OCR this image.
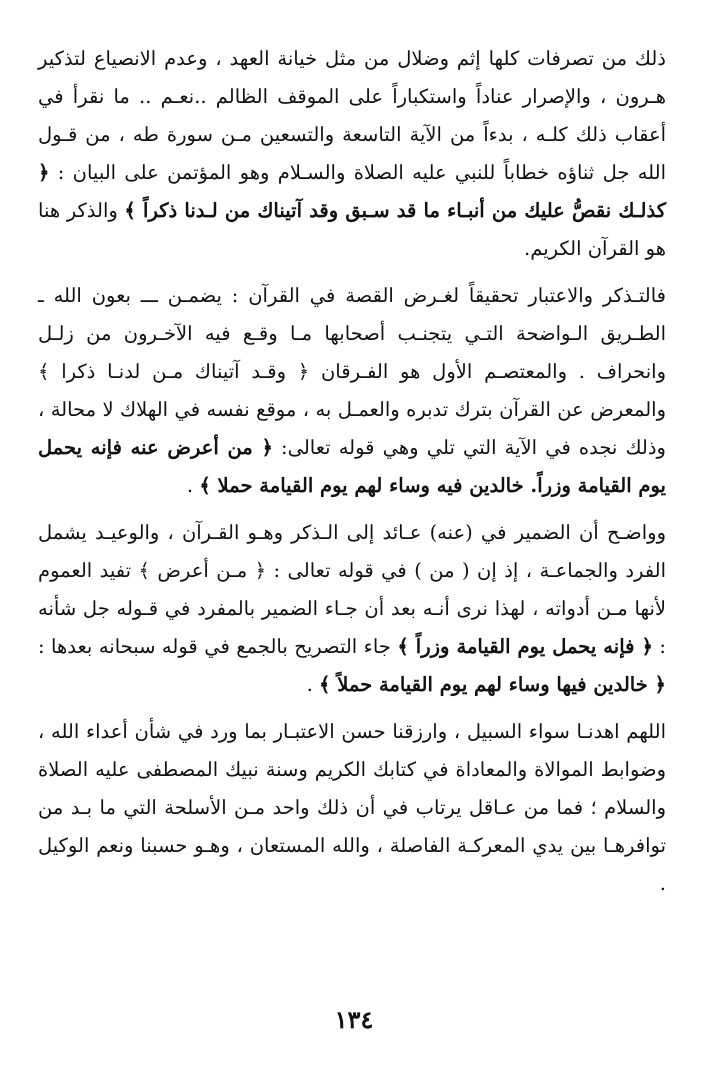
ذلك من تصرفات كلها إثم وضلال من مثل خيانة العهد ، وعدم الانصياع لتذكير هـرون ، والإصرار عناداً واستكباراً على الموقف الظالم ..نعـم .. ما نقرأ في أعقاب ذلك كلـه ، بدءاً من الآية التاسعة والتسعين مـن سورة طه ، من قـول الله جل ثناؤه خطاباً للنبي عليه الصلاة والسـلام وهو المؤتمن على البيان : ﴿ كذلـك نقصُّ عليك من أنبـاء ما قد سـبق وقد آتيناك من لـدنا ذكراً ﴾ والذكر هنا هو القرآن الكريم.

فالتـذكر والاعتبار تحقيقاً لغـرض القصة في القرآن : يضمـن ـــ بعون الله ـ الطـريق الـواضحة التـي يتجنـب أصحابها مـا وقـع فيه الآخـرون من زلـل وانحراف . والمعتصـم الأول هو الفـرقان ﴿ وقـد آتيناك مـن لدنـا ذكرا ﴾ والمعرض عن القرآن بترك تدبره والعمـل به ، موقع نفسه في الهلاك لا محالة ، وذلك نجده في الآية التي تلي وهي قوله تعالى: ﴿ من أعرض عنه فإنه يحمل يوم القيامة وزراً. خالدين فيه وساء لهم يوم القيامة حملا ﴾ .

وواضـح أن الضمير في (عنه) عـائد إلى الـذكر وهـو القـرآن ، والوعيـد يشمل الفرد والجماعـة ، إذ إن ( من ) في قوله تعالى : ﴿ مـن أعرض ﴾ تفيد العموم لأنها مـن أدواته ، لهذا نرى أنـه بعد أن جـاء الضمير بالمفرد في قـوله جل شأنه : ﴿ فإنه يحمل يوم القيامة وزراً ﴾ جاء التصريح بالجمع في قوله سبحانه بعدها : ﴿ خالدين فيها وساء لهم يوم القيامة حملاً ﴾ .

اللهم اهدنـا سواء السبيل ، وارزقنا حسن الاعتبـار بما ورد في شأن أعداء الله ، وضوابط الموالاة والمعاداة في كتابك الكريم وسنة نبيك المصطفى عليه الصلاة والسلام ؛ فما من عـاقل يرتاب في أن ذلك واحد مـن الأسلحة التي ما بـد من توافرهـا بين يدي المعركـة الفاصلة ، والله المستعان ، وهـو حسبنا ونعم الوكيل .

١٣٤
